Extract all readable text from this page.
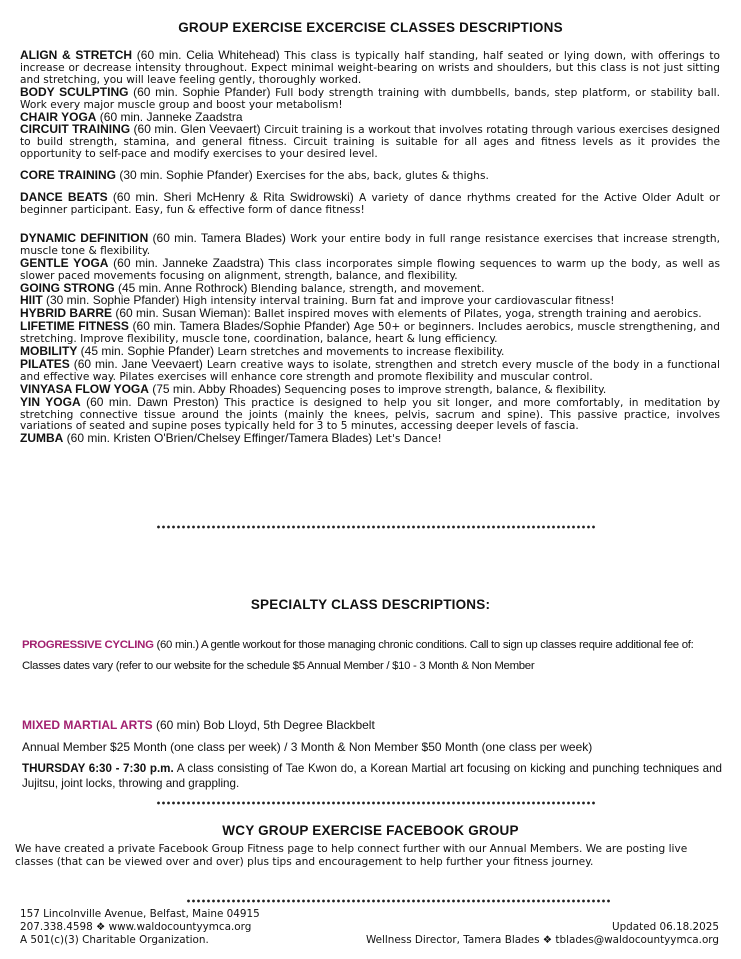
GROUP EXERCISE EXCERCISE CLASSES DESCRIPTIONS

ALIGN & STRETCH (60 min. Celia Whitehead) This class is typically half standing, half seated or lying down, with offerings to increase or decrease intensity throughout. Expect minimal weight-bearing on wrists and shoulders, but this class is not just sitting and stretching, you will leave feeling gently, thoroughly worked.

BODY SCULPTING (60 min. Sophie Pfander) Full body strength training with dumbbells, bands, step platform, or stability ball. Work every major muscle group and boost your metabolism!

CHAIR YOGA (60 min. Janneke Zaadstra

CIRCUIT TRAINING (60 min. Glen Veevaert) Circuit training is a workout that involves rotating through various exercises designed to build strength, stamina, and general fitness. Circuit training is suitable for all ages and fitness levels as it provides the opportunity to self-pace and modify exercises to your desired level.

CORE TRAINING (30 min. Sophie Pfander) Exercises for the abs, back, glutes & thighs.

DANCE BEATS (60 min. Sheri McHenry & Rita Swidrowski) A variety of dance rhythms created for the Active Older Adult or beginner participant. Easy, fun & effective form of dance fitness!

DYNAMIC DEFINITION (60 min. Tamera Blades) Work your entire body in full range resistance exercises that increase strength, muscle tone & flexibility.

GENTLE YOGA (60 min. Janneke Zaadstra) This class incorporates simple flowing sequences to warm up the body, as well as slower paced movements focusing on alignment, strength, balance, and flexibility.

GOING STRONG (45 min. Anne Rothrock) Blending balance, strength, and movement.

HIIT (30 min. Sophie Pfander) High intensity interval training. Burn fat and improve your cardiovascular fitness!

HYBRID BARRE (60 min. Susan Wieman): Ballet inspired moves with elements of Pilates, yoga, strength training and aerobics.

LIFETIME FITNESS (60 min. Tamera Blades/Sophie Pfander) Age 50+ or beginners. Includes aerobics, muscle strengthening, and stretching. Improve flexibility, muscle tone, coordination, balance, heart & lung efficiency.

MOBILITY (45 min. Sophie Pfander) Learn stretches and movements to increase flexibility.

PILATES (60 min. Jane Veevaert) Learn creative ways to isolate, strengthen and stretch every muscle of the body in a functional and effective way. Pilates exercises will enhance core strength and promote flexibility and muscular control.

VINYASA FLOW YOGA (75 min. Abby Rhoades) Sequencing poses to improve strength, balance, & flexibility.

YIN YOGA (60 min. Dawn Preston) This practice is designed to help you sit longer, and more comfortably, in meditation by stretching connective tissue around the joints (mainly the knees, pelvis, sacrum and spine). This passive practice, involves variations of seated and supine poses typically held for 3 to 5 minutes, accessing deeper levels of fascia.

ZUMBA (60 min. Kristen O'Brien/Chelsey Effinger/Tamera Blades) Let's Dance!

SPECIALTY CLASS DESCRIPTIONS:
PROGRESSIVE CYCLING (60 min.) A gentle workout for those managing chronic conditions. Call to sign up classes require additional fee of:
Classes dates vary (refer to our website for the schedule $5 Annual Member / $10 - 3 Month & Non Member
MIXED MARTIAL ARTS (60 min) Bob Lloyd, 5th Degree Blackbelt
Annual Member $25 Month (one class per week) / 3 Month & Non Member $50 Month (one class per week)
THURSDAY 6:30 - 7:30 p.m. A class consisting of Tae Kwon do, a Korean Martial art focusing on kicking and punching techniques and Jujitsu, joint locks, throwing and grappling.
WCY GROUP EXERCISE FACEBOOK GROUP
We have created a private Facebook Group Fitness page to help connect further with our Annual Members. We are posting live classes (that can be viewed over and over) plus tips and encouragement to help further your fitness journey.
157 Lincolnville Avenue, Belfast, Maine 04915
207.338.4598 ❖ www.waldocountyymca.org
A 501(c)(3) Charitable Organization.
Updated 06.18.2025
Wellness Director, Tamera Blades ❖ tblades@waldocountyymca.org
